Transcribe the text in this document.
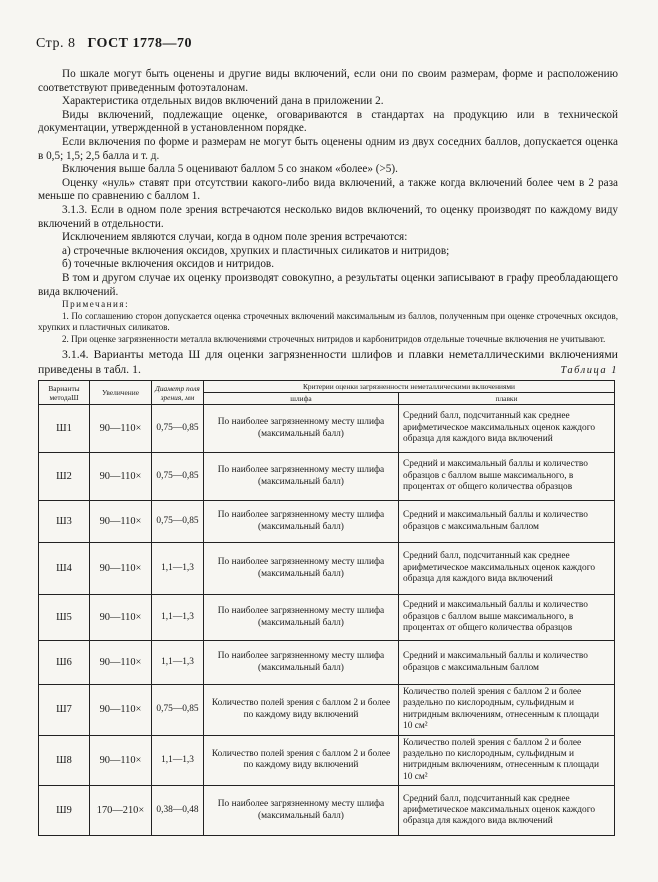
Стр. 8 ГОСТ 1778—70

По шкале могут быть оценены и другие виды включений, если они по своим размерам, форме и расположению соответствуют приведенным фотоэталонам.

Характеристика отдельных видов включений дана в приложении 2.

Виды включений, подлежащие оценке, оговариваются в стандартах на продукцию или в технической документации, утвержденной в установленном порядке.

Если включения по форме и размерам не могут быть оценены одним из двух соседних баллов, допускается оценка в 0,5; 1,5; 2,5 балла и т. д.

Включения выше балла 5 оценивают баллом 5 со знаком «более» (>5).

Оценку «нуль» ставят при отсутствии какого-либо вида включений, а также когда включений более чем в 2 раза меньше по сравнению с баллом 1.

3.1.3. Если в одном поле зрения встречаются несколько видов включений, то оценку производят по каждому виду включений в отдельности.

Исключением являются случаи, когда в одном поле зрения встречаются:

а) строчечные включения оксидов, хрупких и пластичных силикатов и нитридов;

б) точечные включения оксидов и нитридов.

В том и другом случае их оценку производят совокупно, а результаты оценки записывают в графу преобладающего вида включений.

Примечания:

1. По соглашению сторон допускается оценка строчечных включений максимальным из баллов, полученным при оценке строчечных оксидов, хрупких и пластичных силикатов.

2. При оценке загрязненности металла включениями строчечных нитридов и карбонитридов отдельные точечные включения не учитывают.

3.1.4. Варианты метода Ш для оценки загрязненности шлифов и плавки неметаллическими включениями приведены в табл. 1.	Таблица 1
Варианты методаШ	Увеличение	Диаметр поля зрения, мм	Критерии оценки загрязненности неметаллическими включениями	
			шлифа	плавки
Ш1	90—110×	0,75—0,85	По наиболее загрязненному месту шлифа (максимальный балл)	Средний балл, подсчитанный как среднее арифметическое максимальных оценок каждого образца для каждого вида включений
Ш2	90—110×	0,75—0,85	По наиболее загрязненному месту шлифа (максимальный балл)	Средний и максимальный баллы и количество образцов с баллом выше максимального, в процентах от общего количества образцов
Ш3	90—110×	0,75—0,85	По наиболее загрязненному месту шлифа (максимальный балл)	Средний и максимальный баллы и количество образцов с максимальным баллом
Ш4	90—110×	1,1—1,3	По наиболее загрязненному месту шлифа (максимальный балл)	Средний балл, подсчитанный как среднее арифметическое максимальных оценок каждого образца для каждого вида включений
Ш5	90—110×	1,1—1,3	По наиболее загрязненному месту шлифа (максимальный балл)	Средний и максимальный баллы и количество образцов с баллом выше максимального, в процентах от общего количества образцов
Ш6	90—110×	1,1—1,3	По наиболее загрязненному месту шлифа (максимальный балл)	Средний и максимальный баллы и количество образцов с максимальным баллом
Ш7	90—110×	0,75—0,85	Количество полей зрения с баллом 2 и более по каждому виду включений	Количество полей зрения с баллом 2 и более раздельно по кислородным, сульфидным и нитридным включениям, отнесенным к площади 10 см²
Ш8	90—110×	1,1—1,3	Количество полей зрения с баллом 2 и более по каждому виду включений	Количество полей зрения с баллом 2 и более раздельно по кислородным, сульфидным и нитридным включениям, отнесенным к площади 10 см²
Ш9	170—210×	0,38—0,48	По наиболее загрязненному месту шлифа (максимальный балл)	Средний балл, подсчитанный как среднее арифметическое максимальных оценок каждого образца для каждого вида включений
